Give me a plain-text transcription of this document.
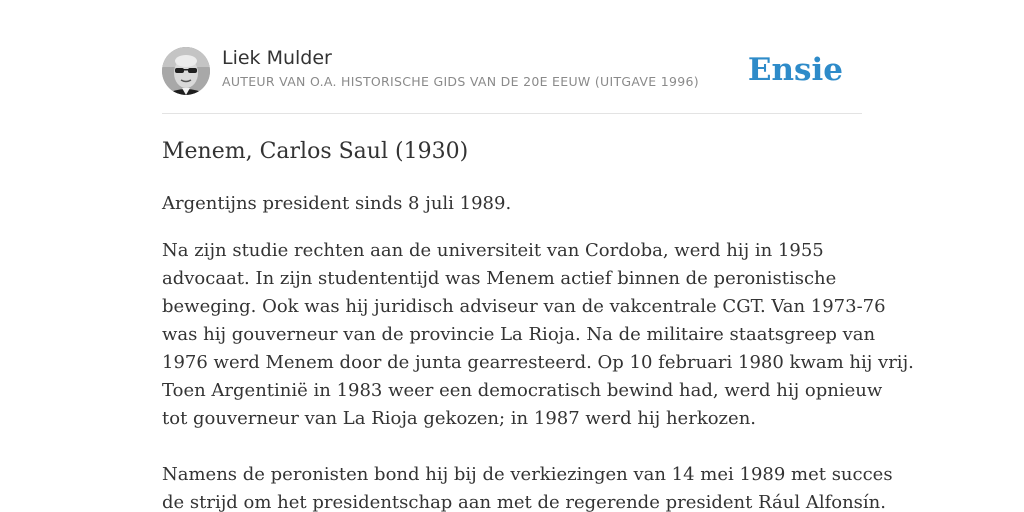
Liek Mulder
AUTEUR VAN O.A. HISTORISCHE GIDS VAN DE 20E EEUW (UITGAVE 1996) Ensie
Menem, Carlos Saul (1930)

Argentijns president sinds 8 juli 1989.

Na zijn studie rechten aan de universiteit van Cordoba, werd hij in 1955
advocaat. In zijn studententijd was Menem actief binnen de peronistische
beweging. Ook was hij juridisch adviseur van de vakcentrale CGT. Van 1973-76
was hij gouverneur van de provincie La Rioja. Na de militaire staatsgreep van
1976 werd Menem door de junta gearresteerd. Op 10 februari 1980 kwam hij vrij.
Toen Argentinië in 1983 weer een democratisch bewind had, werd hij opnieuw
tot gouverneur van La Rioja gekozen; in 1987 werd hij herkozen.

Namens de peronisten bond hij bij de verkiezingen van 14 mei 1989 met succes
de strijd om het presidentschap aan met de regerende president Rául Alfonsín.
